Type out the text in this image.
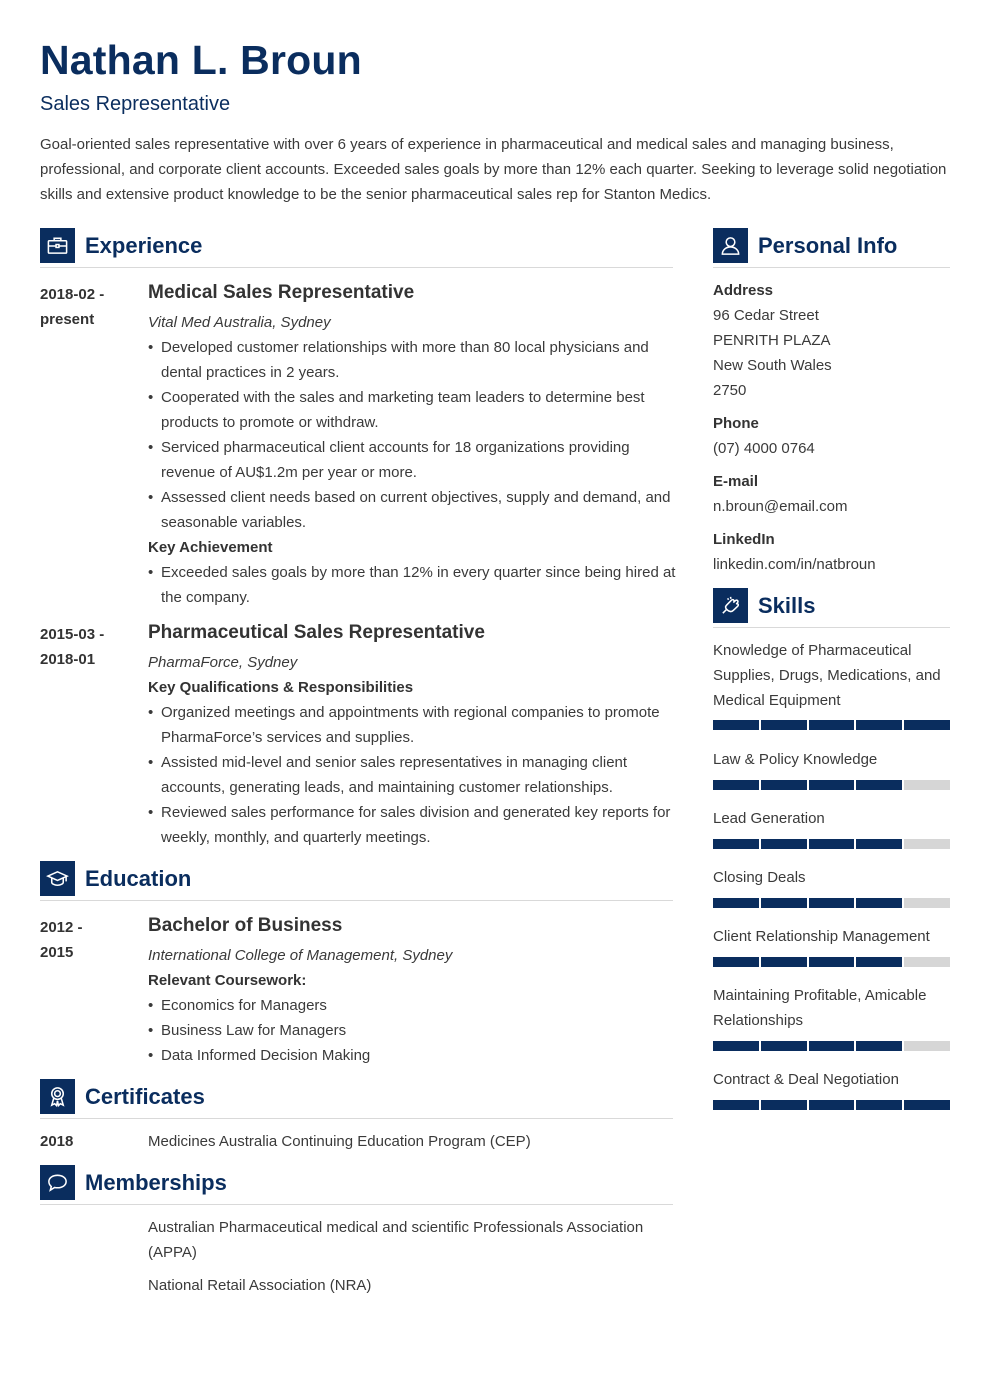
Nathan L. Broun
Sales Representative
Goal-oriented sales representative with over 6 years of experience in pharmaceutical and medical sales and managing business, professional, and corporate client accounts. Exceeded sales goals by more than 12% each quarter. Seeking to leverage solid negotiation skills and extensive product knowledge to be the senior pharmaceutical sales rep for Stanton Medics.
Experience
2018-02 -
present
Medical Sales Representative
Vital Med Australia, Sydney
• Developed customer relationships with more than 80 local physicians and dental practices in 2 years.
• Cooperated with the sales and marketing team leaders to determine best products to promote or withdraw.
• Serviced pharmaceutical client accounts for 18 organizations providing revenue of AU$1.2m per year or more.
• Assessed client needs based on current objectives, supply and demand, and seasonable variables.
Key Achievement
• Exceeded sales goals by more than 12% in every quarter since being hired at the company.
2015-03 -
2018-01
Pharmaceutical Sales Representative
PharmaForce, Sydney
Key Qualifications & Responsibilities
• Organized meetings and appointments with regional companies to promote PharmaForce’s services and supplies.
• Assisted mid-level and senior sales representatives in managing client accounts, generating leads, and maintaining customer relationships.
• Reviewed sales performance for sales division and generated key reports for weekly, monthly, and quarterly meetings.
Education
2012 -
2015
Bachelor of Business
International College of Management, Sydney
Relevant Coursework:
• Economics for Managers
• Business Law for Managers
• Data Informed Decision Making
Certificates
2018	Medicines Australia Continuing Education Program (CEP)
Memberships
Australian Pharmaceutical medical and scientific Professionals Association (APPA)
National Retail Association (NRA)
Personal Info
Address
96 Cedar Street
PENRITH PLAZA
New South Wales
2750
Phone
(07) 4000 0764
E-mail
n.broun@email.com
LinkedIn
linkedin.com/in/natbroun
Skills
Knowledge of Pharmaceutical Supplies, Drugs, Medications, and Medical Equipment
Law & Policy Knowledge
Lead Generation
Closing Deals
Client Relationship Management
Maintaining Profitable, Amicable Relationships
Contract & Deal Negotiation
